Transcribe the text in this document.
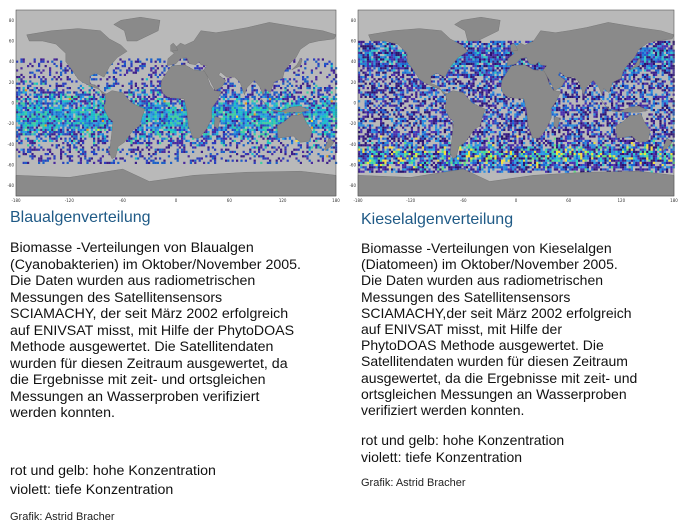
80
60
40
20
0
-20
-40
-60
-80
-180	-120	-60	0	60	120	180
Blaualgenverteilung
Biomasse -Verteilungen von Blaualgen
(Cyanobakterien) im Oktober/November 2005.
Die Daten wurden aus radiometrischen
Messungen des Satellitensensors
SCIAMACHY, der seit März 2002 erfolgreich
auf ENIVSAT misst, mit Hilfe der PhytoDOAS
Methode ausgewertet. Die Satellitendaten
wurden für diesen Zeitraum ausgewertet, da
die Ergebnisse mit zeit- und ortsgleichen
Messungen an Wasserproben verifiziert
werden konnten.
rot und gelb: hohe Konzentration
violett: tiefe Konzentration
Grafik: Astrid Bracher
80
60
40
20
0
-20
-40
-60
-80
-180	-120	-60	0	60	120	180
Kieselalgenverteilung
Biomasse -Verteilungen von Kieselalgen
(Diatomeen) im Oktober/November 2005.
Die Daten wurden aus radiometrischen
Messungen des Satellitensensors
SCIAMACHY,der seit März 2002 erfolgreich
auf ENIVSAT misst, mit Hilfe der
PhytoDOAS Methode ausgewertet. Die
Satellitendaten wurden für diesen Zeitraum
ausgewertet, da die Ergebnisse mit zeit- und
ortsgleichen Messungen an Wasserproben
verifiziert werden konnten.
rot und gelb: hohe Konzentration
violett: tiefe Konzentration
Grafik: Astrid Bracher
